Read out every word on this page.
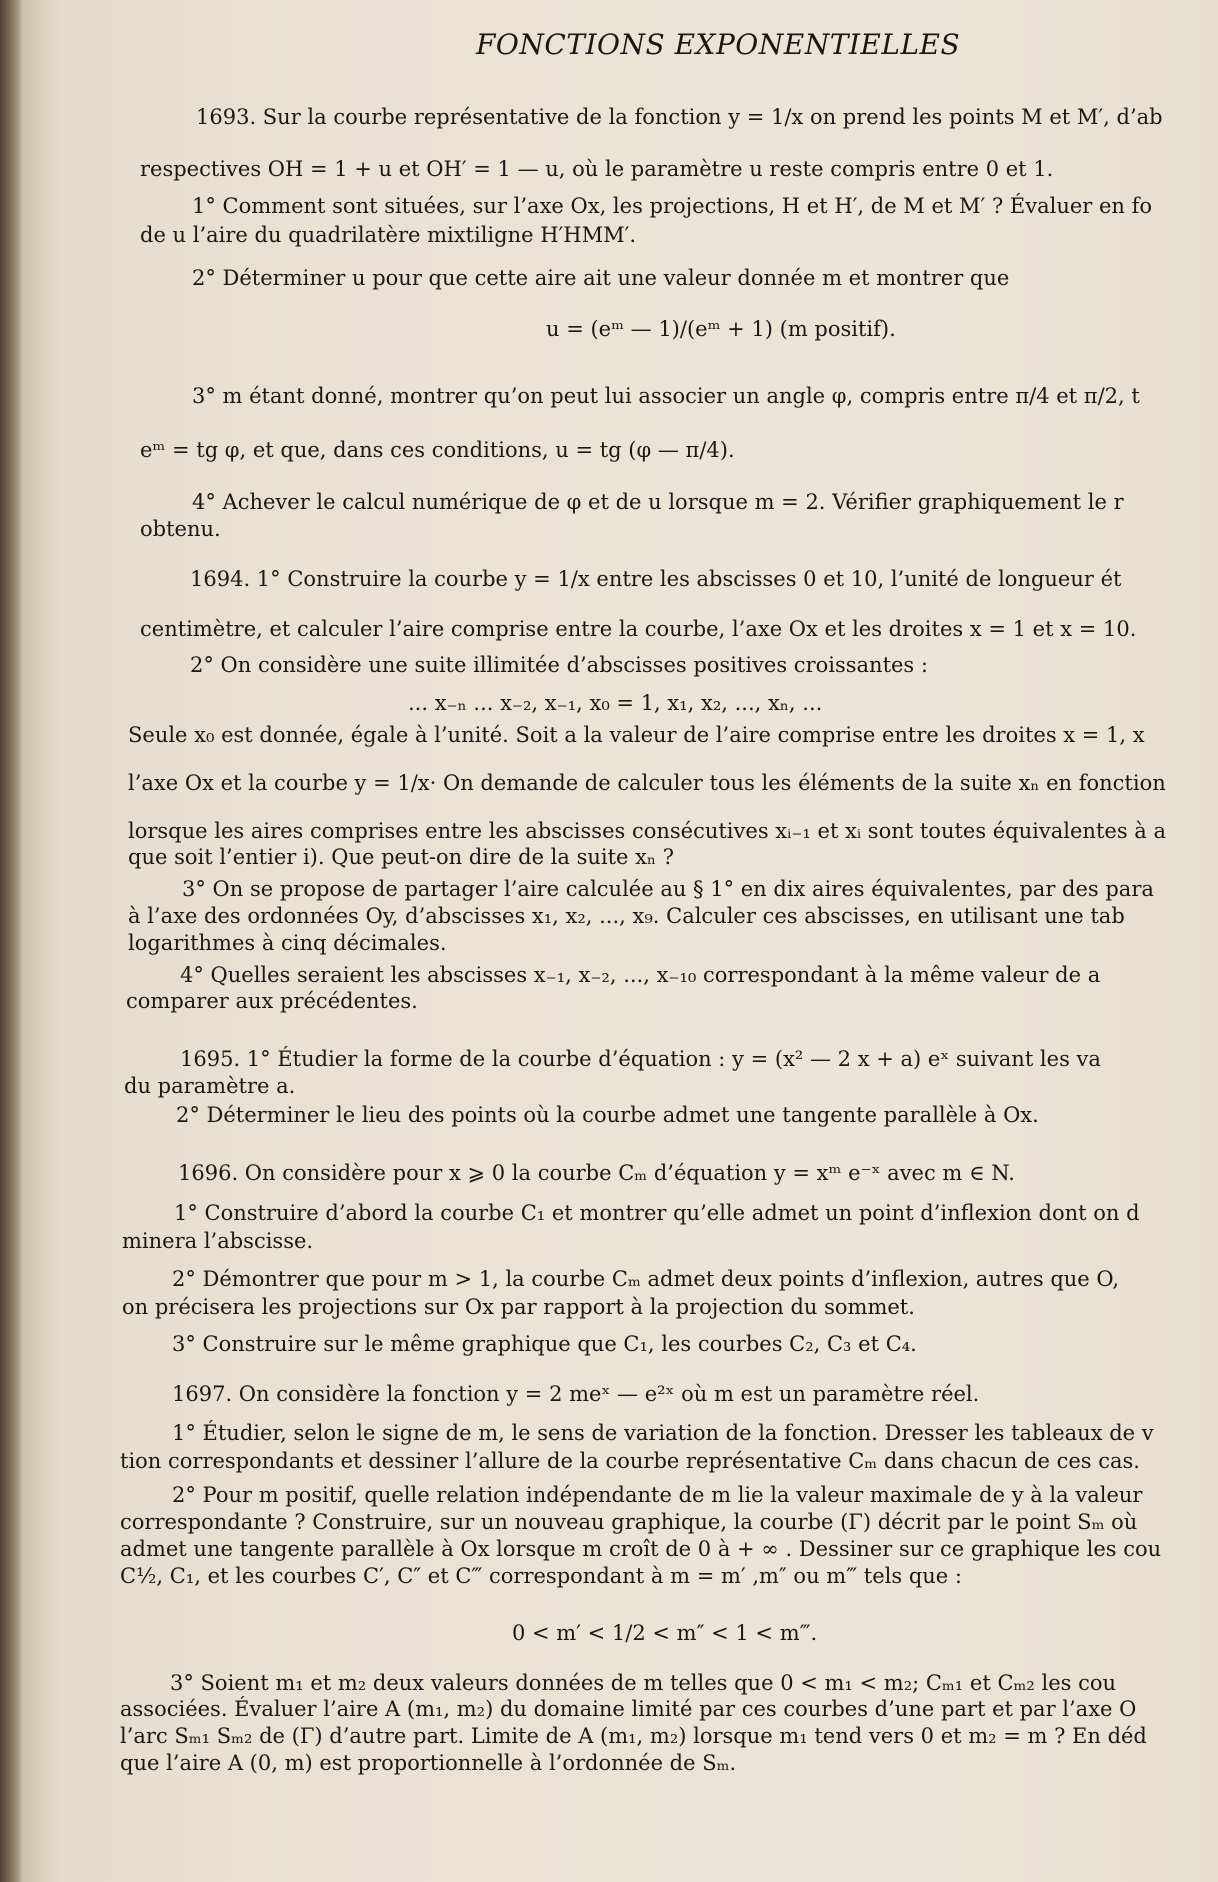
FONCTIONS EXPONENTIELLES
1693. Sur la courbe représentative de la fonction y = 1/x on prend les points M et M′, d’ab
respectives OH = 1 + u et OH′ = 1 — u, où le paramètre u reste compris entre 0 et 1.
1° Comment sont situées, sur l’axe Ox, les projections, H et H′, de M et M′ ? Évaluer en fo
de u l’aire du quadrilatère mixtiligne H′HMM′.
2° Déterminer u pour que cette aire ait une valeur donnée m et montrer que
u = (eᵐ — 1)/(eᵐ + 1) (m positif).
3° m étant donné, montrer qu’on peut lui associer un angle φ, compris entre π/4 et π/2, t
eᵐ = tg φ, et que, dans ces conditions, u = tg (φ — π/4).
4° Achever le calcul numérique de φ et de u lorsque m = 2. Vérifier graphiquement le r
obtenu.
1694. 1° Construire la courbe y = 1/x entre les abscisses 0 et 10, l’unité de longueur ét
centimètre, et calculer l’aire comprise entre la courbe, l’axe Ox et les droites x = 1 et x = 10.
2° On considère une suite illimitée d’abscisses positives croissantes :
... x₋ₙ ... x₋₂, x₋₁, x₀ = 1, x₁, x₂, ..., xₙ, ...
Seule x₀ est donnée, égale à l’unité. Soit a la valeur de l’aire comprise entre les droites x = 1, x
l’axe Ox et la courbe y = 1/x· On demande de calculer tous les éléments de la suite xₙ en fonction
lorsque les aires comprises entre les abscisses consécutives xᵢ₋₁ et xᵢ sont toutes équivalentes à a
que soit l’entier i). Que peut-on dire de la suite xₙ ?
3° On se propose de partager l’aire calculée au § 1° en dix aires équivalentes, par des para
à l’axe des ordonnées Oy, d’abscisses x₁, x₂, ..., x₉. Calculer ces abscisses, en utilisant une tab
logarithmes à cinq décimales.
4° Quelles seraient les abscisses x₋₁, x₋₂, ..., x₋₁₀ correspondant à la même valeur de a
comparer aux précédentes.
1695. 1° Étudier la forme de la courbe d’équation : y = (x² — 2 x + a) eˣ suivant les va
du paramètre a.
2° Déterminer le lieu des points où la courbe admet une tangente parallèle à Ox.
1696. On considère pour x ⩾ 0 la courbe Cₘ d’équation y = xᵐ e⁻ˣ avec m ∈ N.
1° Construire d’abord la courbe C₁ et montrer qu’elle admet un point d’inflexion dont on d
minera l’abscisse.
2° Démontrer que pour m > 1, la courbe Cₘ admet deux points d’inflexion, autres que O,
on précisera les projections sur Ox par rapport à la projection du sommet.
3° Construire sur le même graphique que C₁, les courbes C₂, C₃ et C₄.
1697. On considère la fonction y = 2 meˣ — e²ˣ où m est un paramètre réel.
1° Étudier, selon le signe de m, le sens de variation de la fonction. Dresser les tableaux de v
tion correspondants et dessiner l’allure de la courbe représentative Cₘ dans chacun de ces cas.
2° Pour m positif, quelle relation indépendante de m lie la valeur maximale de y à la valeur
correspondante ? Construire, sur un nouveau graphique, la courbe (Γ) décrit par le point Sₘ où
admet une tangente parallèle à Ox lorsque m croît de 0 à + ∞ . Dessiner sur ce graphique les cou
C½, C₁, et les courbes C′, C″ et C‴ correspondant à m = m′ ,m″ ou m‴ tels que :
0 < m′ < 1/2 < m″ < 1 < m‴.
3° Soient m₁ et m₂ deux valeurs données de m telles que 0 < m₁ < m₂; Cₘ₁ et Cₘ₂ les cou
associées. Évaluer l’aire A (m₁, m₂) du domaine limité par ces courbes d’une part et par l’axe O
l’arc Sₘ₁ Sₘ₂ de (Γ) d’autre part. Limite de A (m₁, m₂) lorsque m₁ tend vers 0 et m₂ = m ? En déd
que l’aire A (0, m) est proportionnelle à l’ordonnée de Sₘ.
